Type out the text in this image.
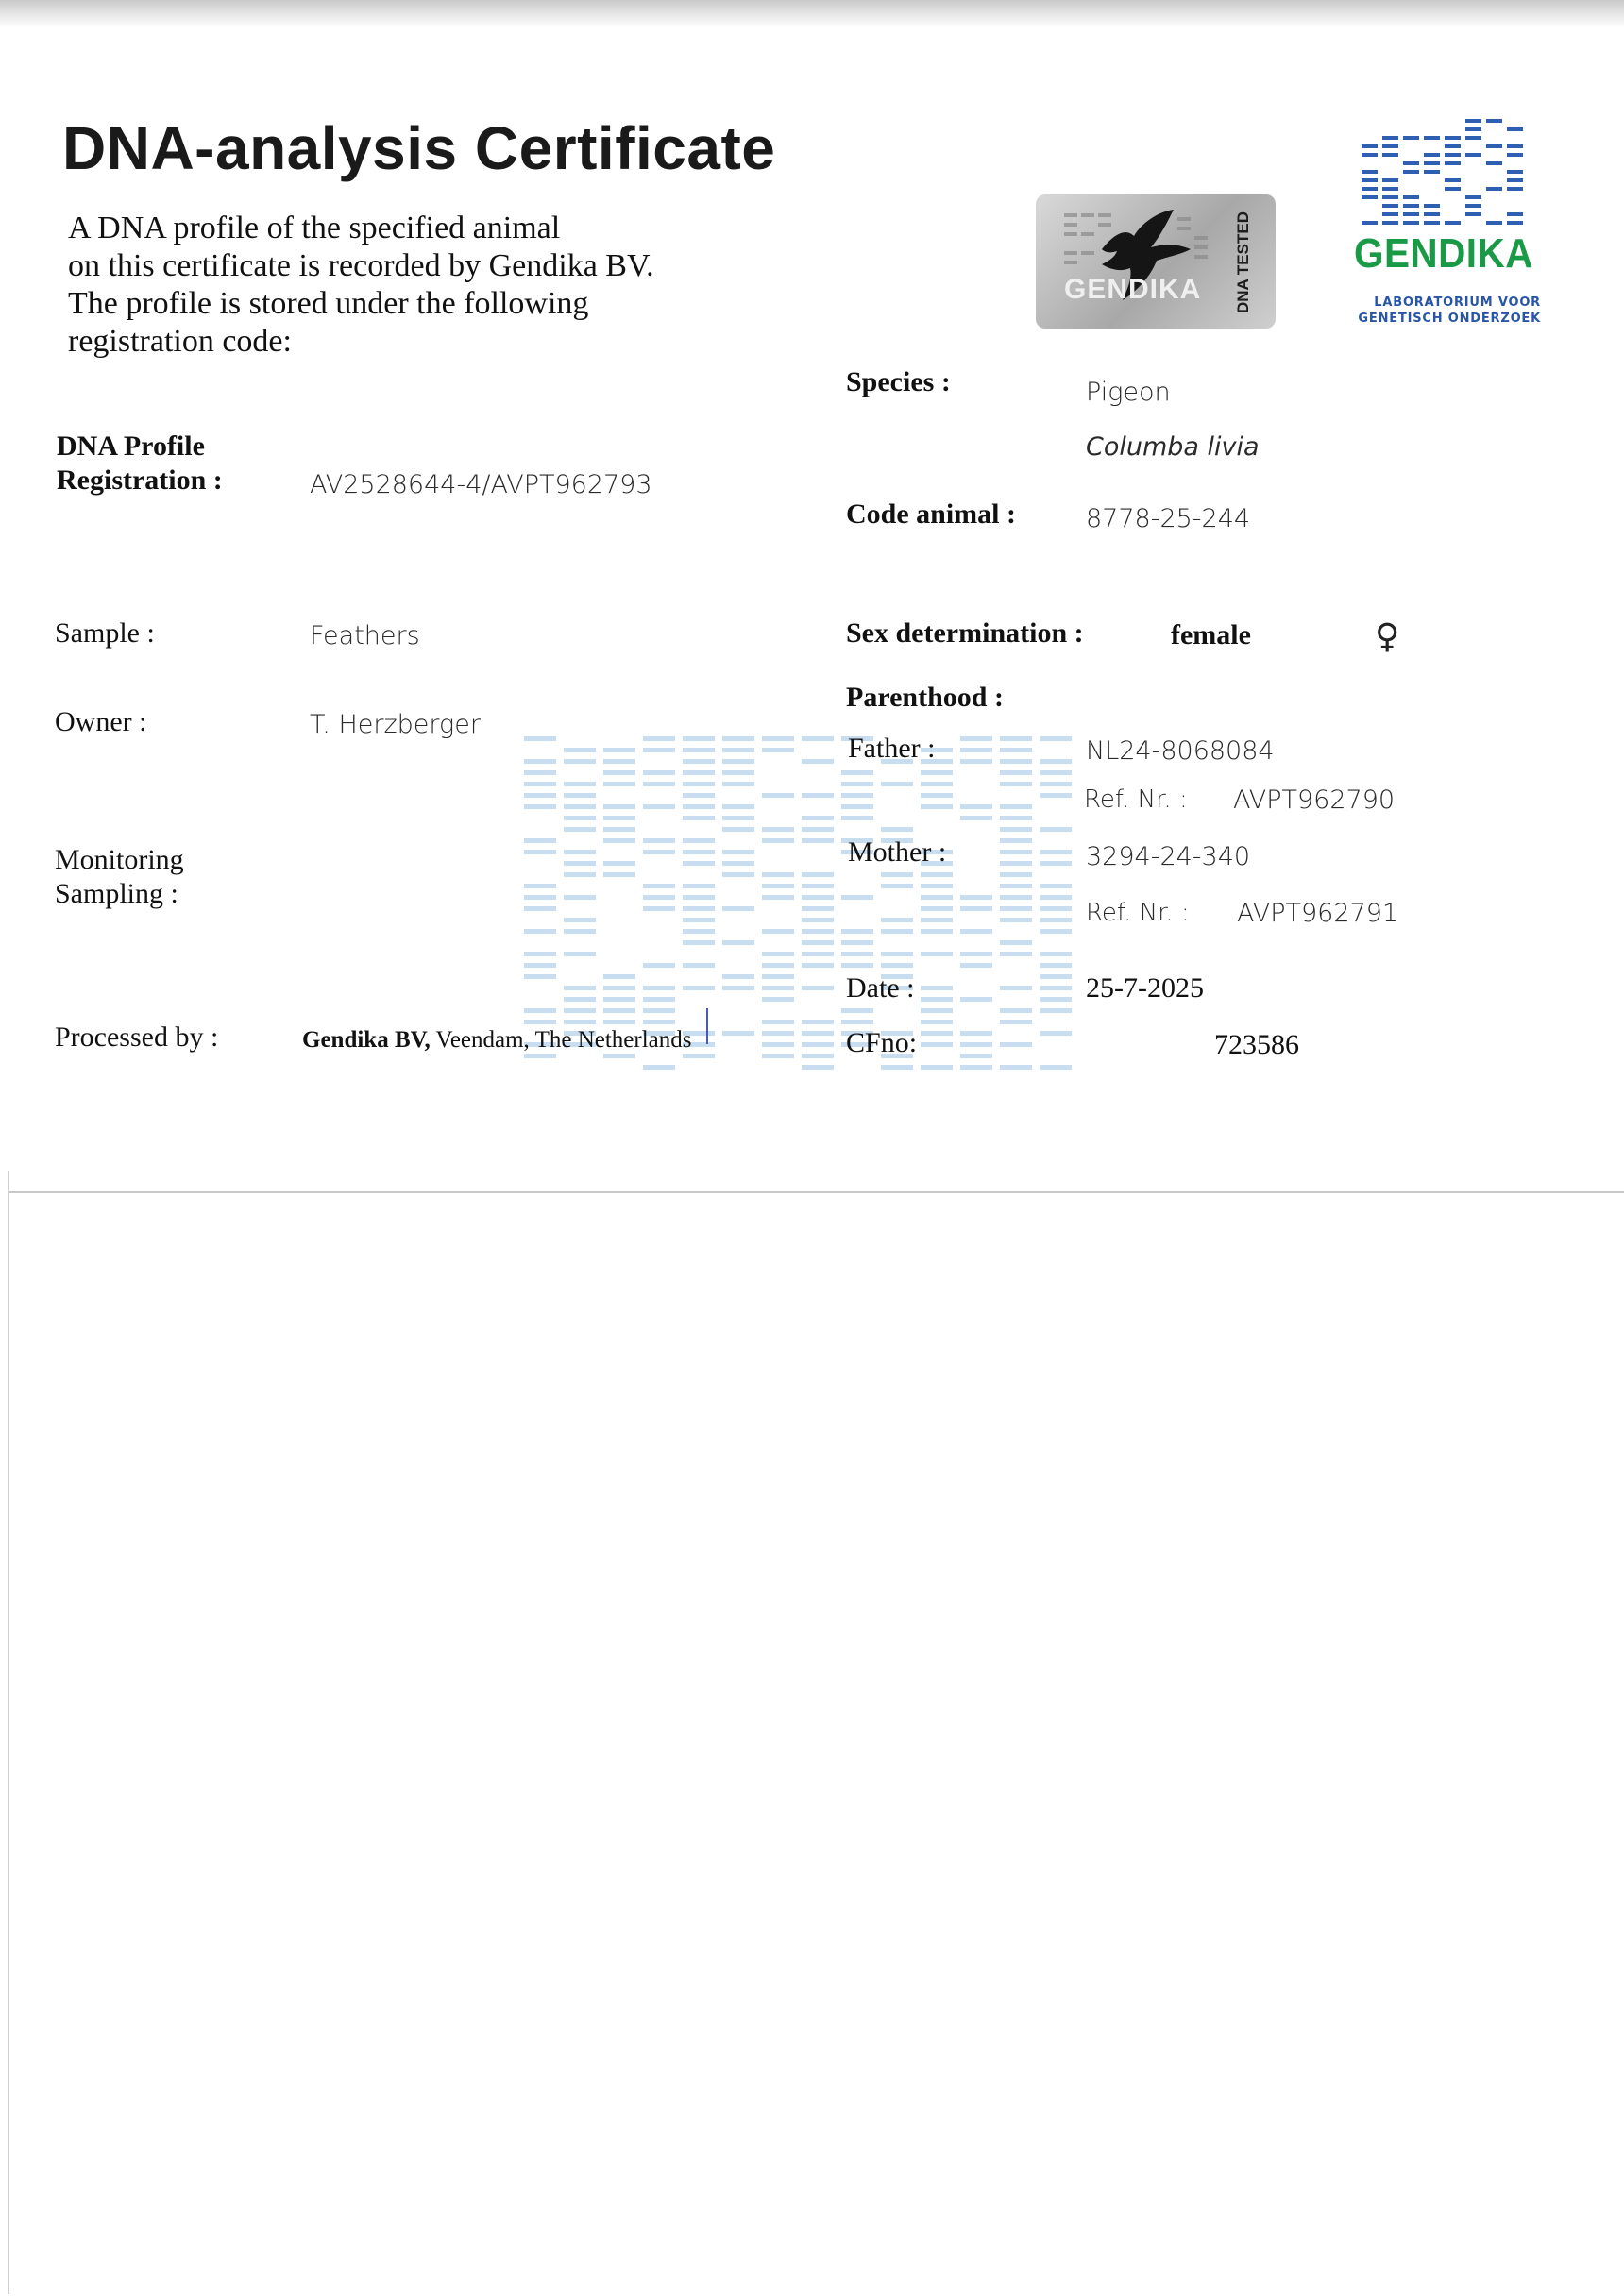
DNA-analysis Certificate
A DNA profile of the specified animal
on this certificate is recorded by Gendika BV.
The profile is stored under the following
registration code:
GENDIKA DNA TESTED GENDIKA
LABORATORIUM VOOR
GENETISCH ONDERZOEK
DNA Profile
Registration :	AV2528644-4/AVPT962793
Sample :	Feathers
Owner :	T. Herzberger
Monitoring
Sampling :
Processed by :	Gendika BV, Veendam, The Netherlands
Species :	Pigeon
Columba livia
Code animal :	8778-25-244
Sex determination :	female	♀
Parenthood :
Father :	NL24-8068084
Ref. Nr. : AVPT962790
Mother :	3294-24-340
Ref. Nr. : AVPT962791
Date :	25-7-2025
CFno:	723586
